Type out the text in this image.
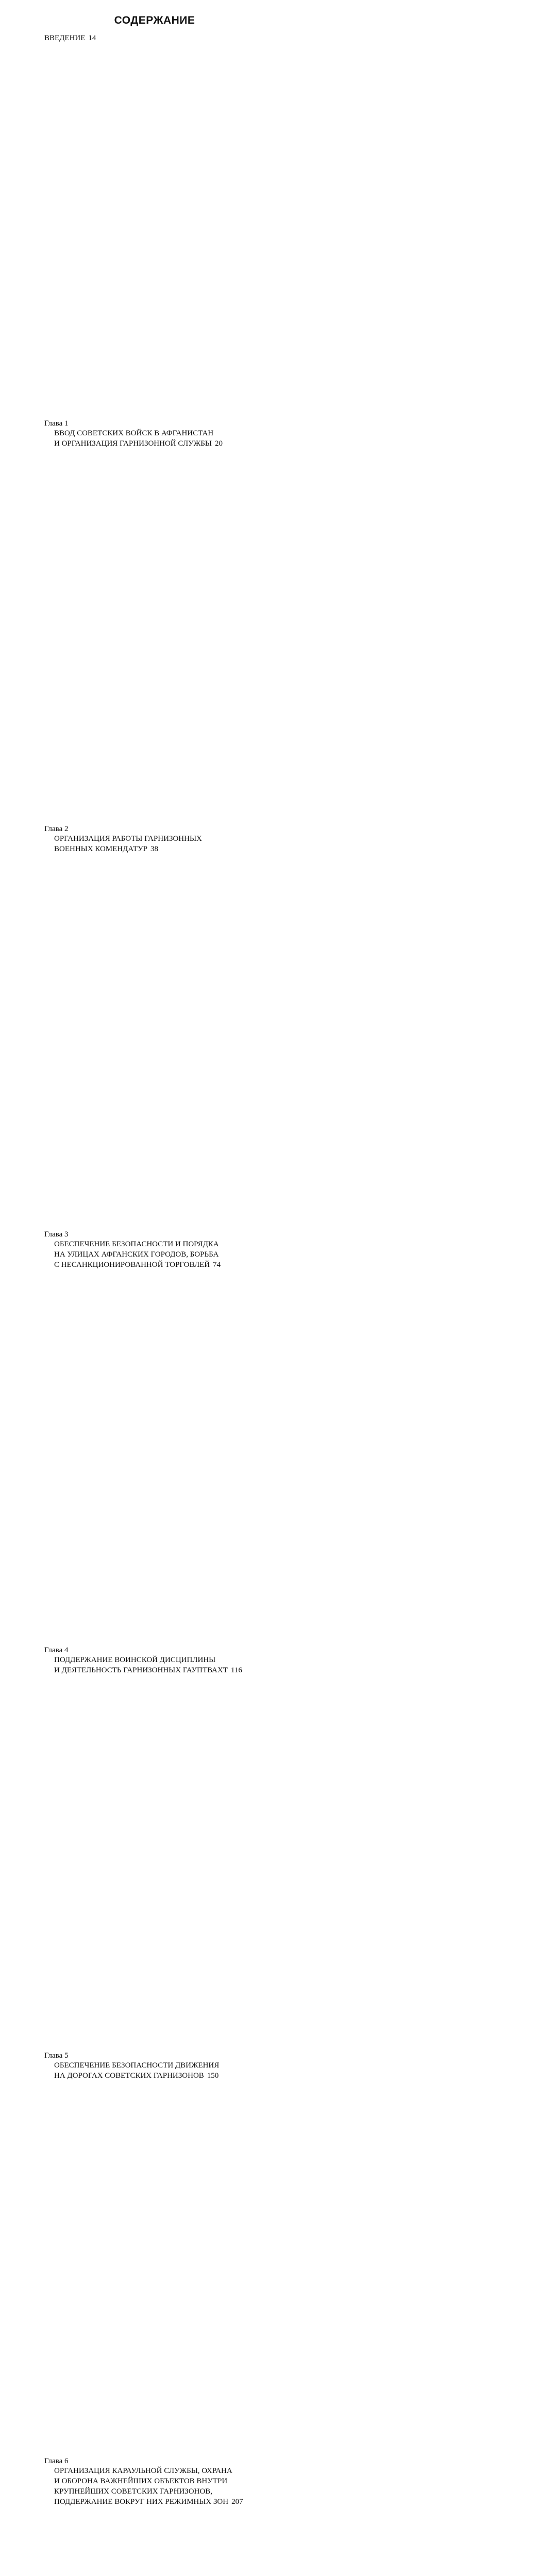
СОДЕРЖАНИЕ
ВВЕДЕНИЕ 14
Глава 1
ВВОД СОВЕТСКИХ ВОЙСК В АФГАНИСТАН
И ОРГАНИЗАЦИЯ ГАРНИЗОННОЙ СЛУЖБЫ 20
Глава 2
ОРГАНИЗАЦИЯ РАБОТЫ ГАРНИЗОННЫХ
ВОЕННЫХ КОМЕНДАТУР 38
Глава 3
ОБЕСПЕЧЕНИЕ БЕЗОПАСНОСТИ И ПОРЯДКА
НА УЛИЦАХ АФГАНСКИХ ГОРОДОВ, БОРЬБА
С НЕСАНКЦИОНИРОВАННОЙ ТОРГОВЛЕЙ 74
Глава 4
ПОДДЕРЖАНИЕ ВОИНСКОЙ ДИСЦИПЛИНЫ
И ДЕЯТЕЛЬНОСТЬ ГАРНИЗОННЫХ ГАУПТВАХТ 116
Глава 5
ОБЕСПЕЧЕНИЕ БЕЗОПАСНОСТИ ДВИЖЕНИЯ
НА ДОРОГАХ СОВЕТСКИХ ГАРНИЗОНОВ 150
Глава 6
ОРГАНИЗАЦИЯ КАРАУЛЬНОЙ СЛУЖБЫ, ОХРАНА
И ОБОРОНА ВАЖНЕЙШИХ ОБЪЕКТОВ ВНУТРИ
КРУПНЕЙШИХ СОВЕТСКИХ ГАРНИЗОНОВ,
ПОДДЕРЖАНИЕ ВОКРУГ НИХ РЕЖИМНЫХ ЗОН 207
